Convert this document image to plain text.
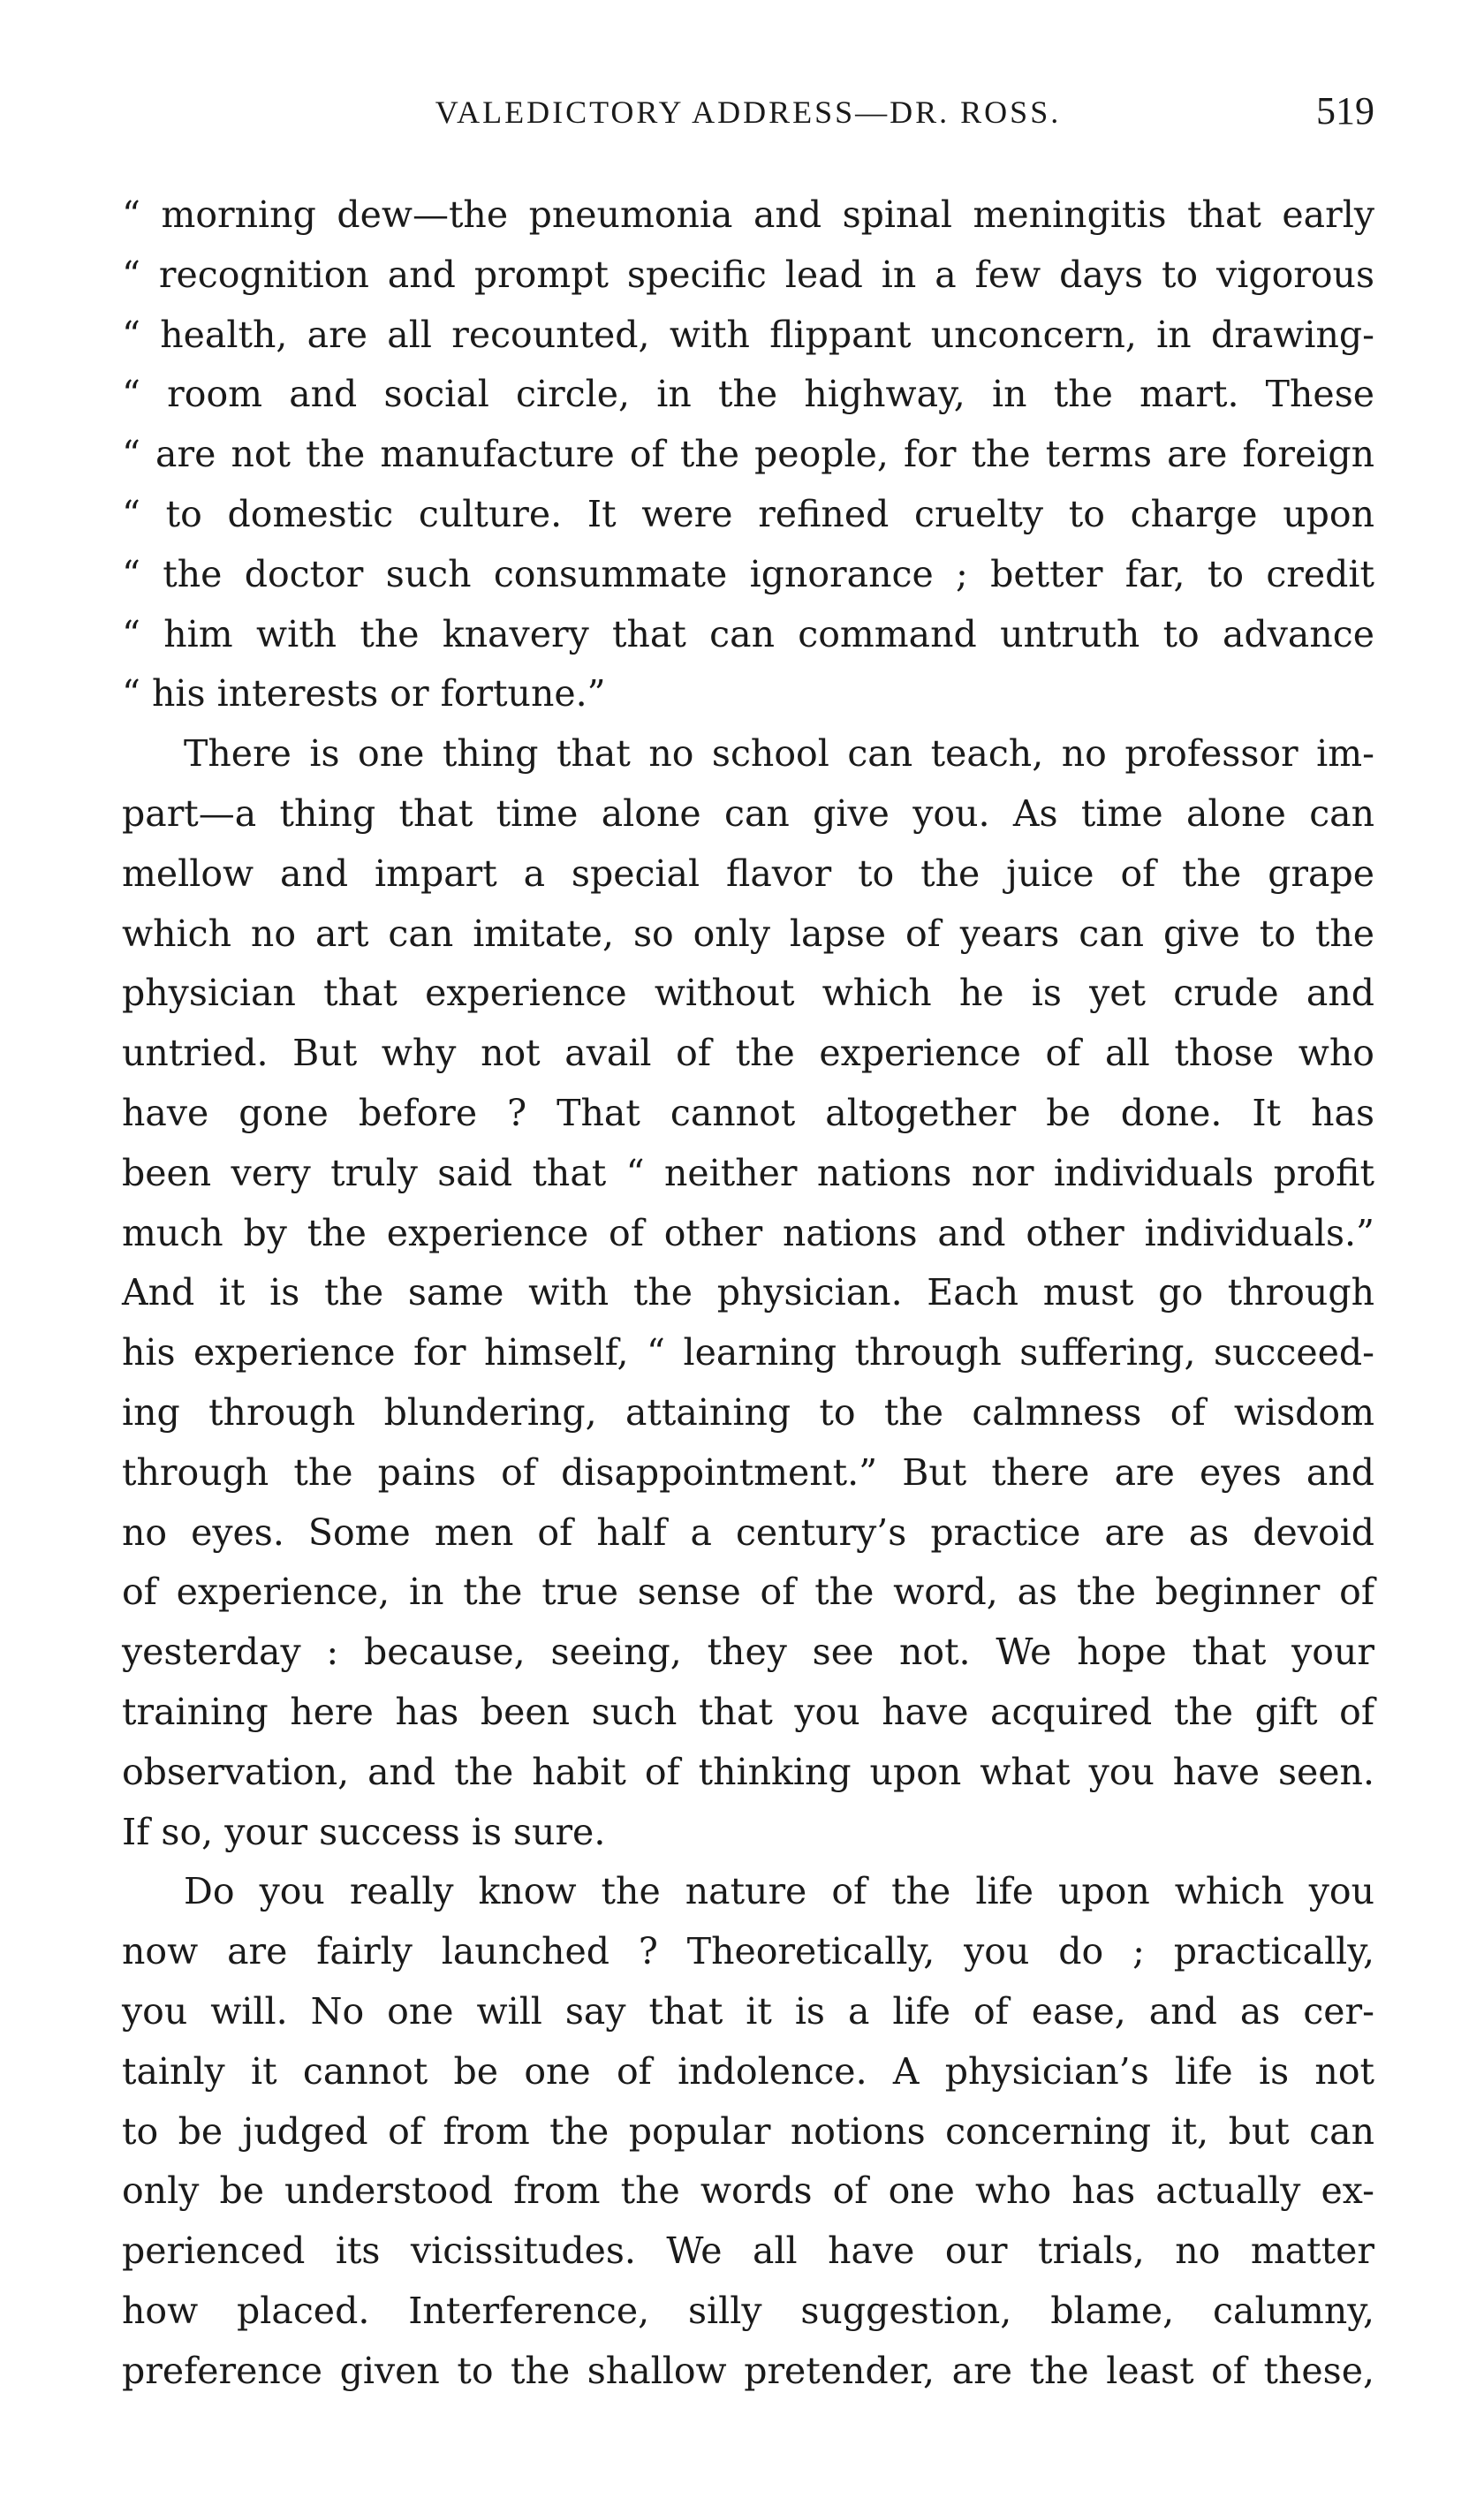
VALEDICTORY ADDRESS—DR. ROSS.	519
“ morning dew—the pneumonia and spinal meningitis that early
“ recognition and prompt specific lead in a few days to vigorous
“ health, are all recounted, with flippant unconcern, in drawing-
“ room and social circle, in the highway, in the mart. These
“ are not the manufacture of the people, for the terms are foreign
“ to domestic culture. It were refined cruelty to charge upon
“ the doctor such consummate ignorance ; better far, to credit
“ him with the knavery that can command untruth to advance
“ his interests or fortune.”
There is one thing that no school can teach, no professor im-
part—a thing that time alone can give you. As time alone can
mellow and impart a special flavor to the juice of the grape
which no art can imitate, so only lapse of years can give to the
physician that experience without which he is yet crude and
untried. But why not avail of the experience of all those who
have gone before ? That cannot altogether be done. It has
been very truly said that “ neither nations nor individuals profit
much by the experience of other nations and other individuals.”
And it is the same with the physician. Each must go through
his experience for himself, “ learning through suffering, succeed-
ing through blundering, attaining to the calmness of wisdom
through the pains of disappointment.” But there are eyes and
no eyes. Some men of half a century’s practice are as devoid
of experience, in the true sense of the word, as the beginner of
yesterday : because, seeing, they see not. We hope that your
training here has been such that you have acquired the gift of
observation, and the habit of thinking upon what you have seen.
If so, your success is sure.
Do you really know the nature of the life upon which you
now are fairly launched ? Theoretically, you do ; practically,
you will. No one will say that it is a life of ease, and as cer-
tainly it cannot be one of indolence. A physician’s life is not
to be judged of from the popular notions concerning it, but can
only be understood from the words of one who has actually ex-
perienced its vicissitudes. We all have our trials, no matter
how placed. Interference, silly suggestion, blame, calumny,
preference given to the shallow pretender, are the least of these,
